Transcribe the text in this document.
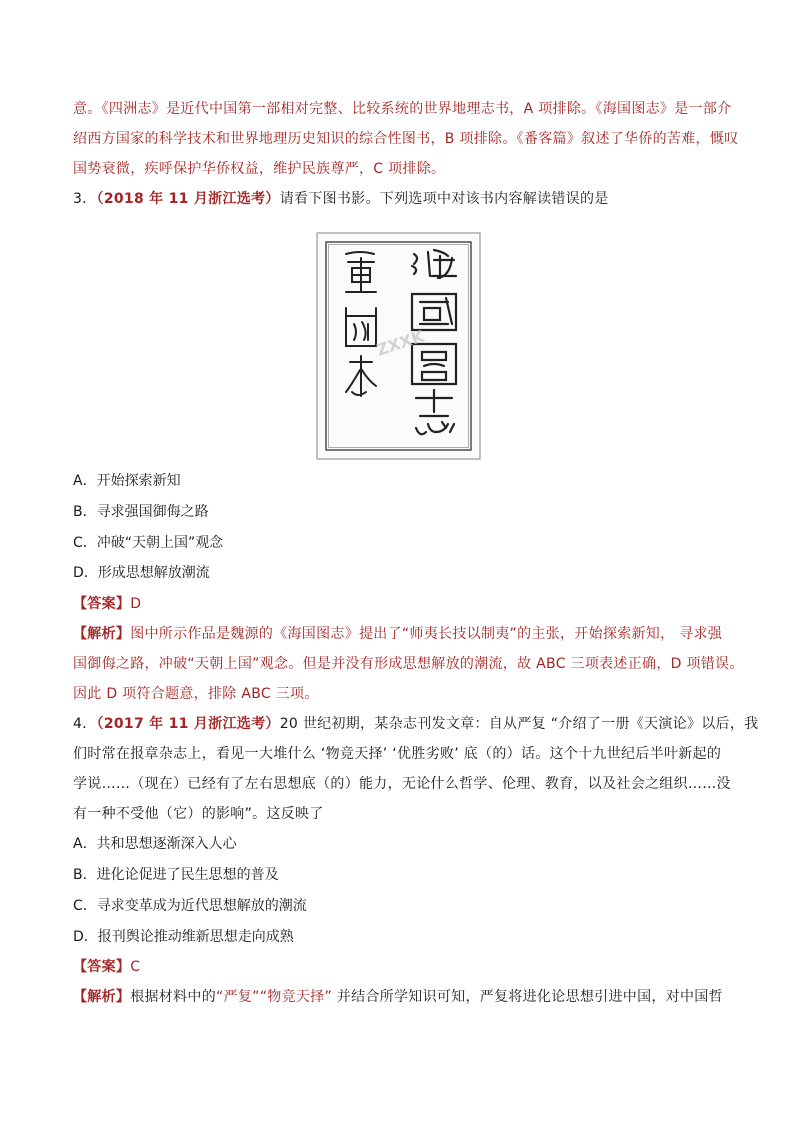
意。《四洲志》是近代中国第一部相对完整、比较系统的世界地理志书，A 项排除。《海国图志》是一部介
绍西方国家的科学技术和世界地理历史知识的综合性图书，B 项排除。《番客篇》叙述了华侨的苦难，慨叹
国势衰微，疾呼保护华侨权益，维护民族尊严，C 项排除。
3．（2018 年 11 月浙江选考）请看下图书影。下列选项中对该书内容解读错误的是
ZXXK
A．开始探索新知
B．寻求强国御侮之路
C．冲破“天朝上国”观念
D．形成思想解放潮流
【答案】D
【解析】图中所示作品是魏源的《海国图志》提出了“师夷长技以制夷”的主张，开始探索新知， 寻求强
国御侮之路，冲破“天朝上国”观念。但是并没有形成思想解放的潮流，故 ABC 三项表述正确，D 项错误。
因此 D 项符合题意，排除 ABC 三项。
4．（2017 年 11 月浙江选考）20 世纪初期，某杂志刊发文章：自从严复 “介绍了一册《天演论》以后，我
们时常在报章杂志上，看见一大堆什么 ‘物竞天择’ ‘优胜劣败’ 底（的）话。这个十九世纪后半叶新起的
学说……（现在）已经有了左右思想底（的）能力，无论什么哲学、伦理、教育，以及社会之组织……没
有一种不受他（它）的影响”。这反映了
A．共和思想逐渐深入人心
B．进化论促进了民生思想的普及
C．寻求变革成为近代思想解放的潮流
D．报刊舆论推动维新思想走向成熟
【答案】C
【解析】根据材料中的“严复”“物竞天择” 并结合所学知识可知，严复将进化论思想引进中国，对中国哲
